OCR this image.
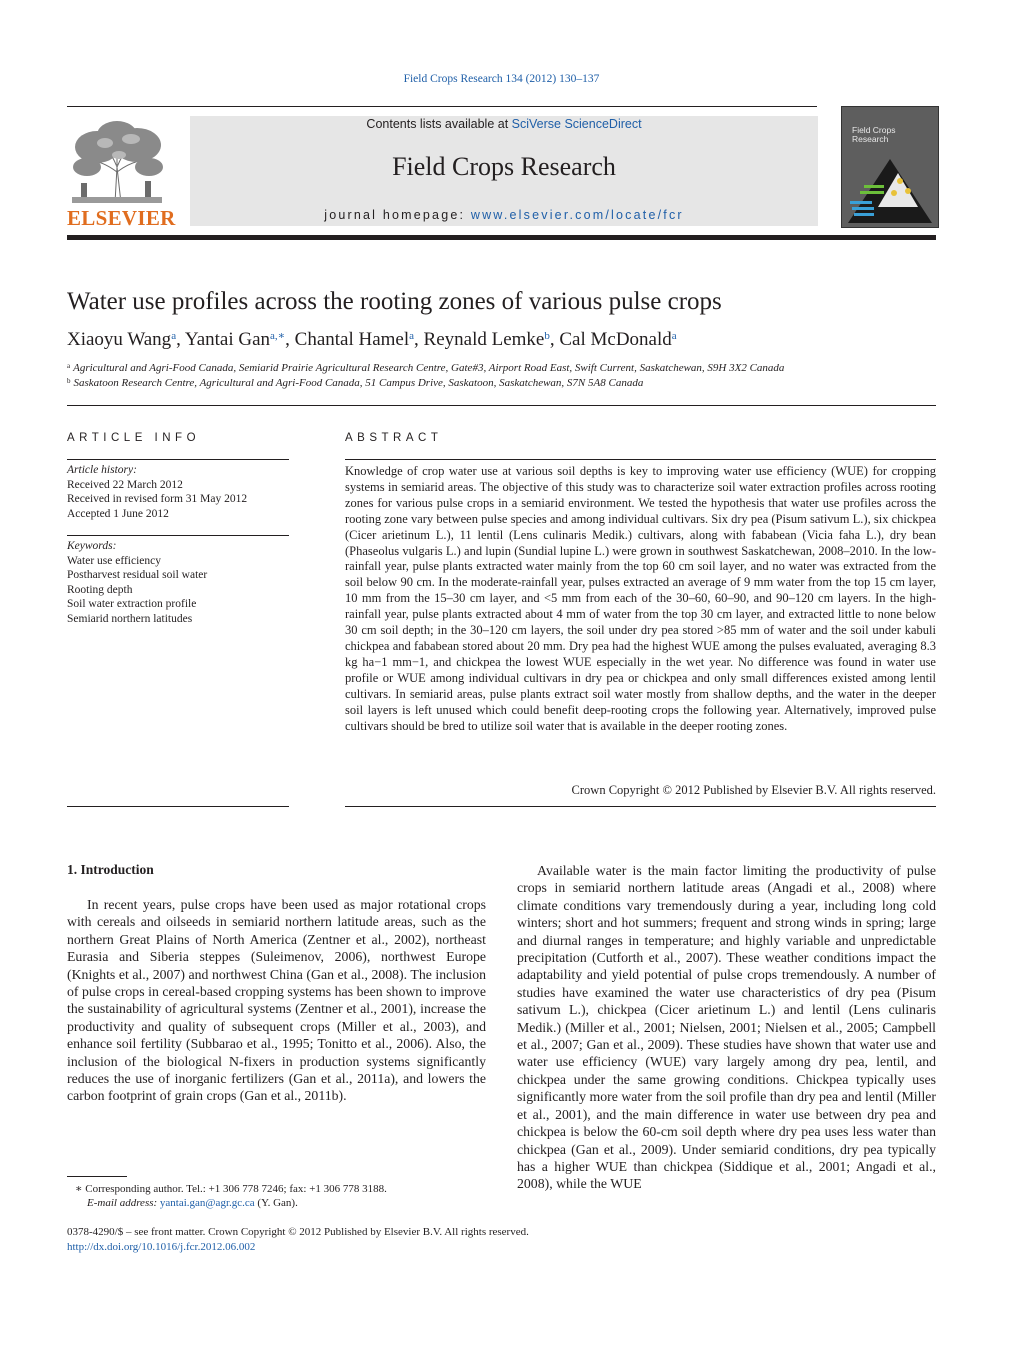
Field Crops Research 134 (2012) 130–137
ELSEVIER
Contents lists available at SciVerse ScienceDirect
Field Crops Research
journal homepage: www.elsevier.com/locate/fcr
Field Crops Research
Water use profiles across the rooting zones of various pulse crops
Xiaoyu Wang$^a$, Yantai Gan$^{a,∗}$, Chantal Hamel$^a$, Reynald Lemke$^b$, Cal McDonald$^a$
$^a$ Agricultural and Agri-Food Canada, Semiarid Prairie Agricultural Research Centre, Gate#3, Airport Road East, Swift Current, Saskatchewan, S9H 3X2 Canada
$^b$ Saskatoon Research Centre, Agricultural and Agri-Food Canada, 51 Campus Drive, Saskatoon, Saskatchewan, S7N 5A8 Canada
ARTICLE INFO
Article history:
Received 22 March 2012
Received in revised form 31 May 2012
Accepted 1 June 2012
Keywords:
Water use efficiency
Postharvest residual soil water
Rooting depth
Soil water extraction profile
Semiarid northern latitudes
ABSTRACT
Knowledge of crop water use at various soil depths is key to improving water use efficiency (WUE) for cropping systems in semiarid areas. The objective of this study was to characterize soil water extraction profiles across rooting zones for various pulse crops in a semiarid environment. We tested the hypothesis that water use profiles across the rooting zone vary between pulse species and among individual cultivars. Six dry pea (Pisum sativum L.), six chickpea (Cicer arietinum L.), 11 lentil (Lens culinaris Medik.) cultivars, along with fababean (Vicia faha L.), dry bean (Phaseolus vulgaris L.) and lupin (Sundial lupine L.) were grown in southwest Saskatchewan, 2008–2010. In the low-rainfall year, pulse plants extracted water mainly from the top 60 cm soil layer, and no water was extracted from the soil below 90 cm. In the moderate-rainfall year, pulses extracted an average of 9 mm water from the top 15 cm layer, 10 mm from the 15–30 cm layer, and <5 mm from each of the 30–60, 60–90, and 90–120 cm layers. In the high-rainfall year, pulse plants extracted about 4 mm of water from the top 30 cm layer, and extracted little to none below 30 cm soil depth; in the 30–120 cm layers, the soil under dry pea stored >85 mm of water and the soil under kabuli chickpea and fababean stored about 20 mm. Dry pea had the highest WUE among the pulses evaluated, averaging 8.3 kg ha−1 mm−1, and chickpea the lowest WUE especially in the wet year. No difference was found in water use profile or WUE among individual cultivars in dry pea or chickpea and only small differences existed among lentil cultivars. In semiarid areas, pulse plants extract soil water mostly from shallow depths, and the water in the deeper soil layers is left unused which could benefit deep-rooting crops the following year. Alternatively, improved pulse cultivars should be bred to utilize soil water that is available in the deeper rooting zones.
Crown Copyright © 2012 Published by Elsevier B.V. All rights reserved.
1. Introduction
In recent years, pulse crops have been used as major rotational crops with cereals and oilseeds in semiarid northern latitude areas, such as the northern Great Plains of North America (Zentner et al., 2002), northeast Eurasia and Siberia steppes (Suleimenov, 2006), northwest Europe (Knights et al., 2007) and northwest China (Gan et al., 2008). The inclusion of pulse crops in cereal-based cropping systems has been shown to improve the sustainability of agricultural systems (Zentner et al., 2001), increase the productivity and quality of subsequent crops (Miller et al., 2003), and enhance soil fertility (Subbarao et al., 1995; Tonitto et al., 2006). Also, the inclusion of the biological N-fixers in production systems significantly reduces the use of inorganic fertilizers (Gan et al., 2011a), and lowers the carbon footprint of grain crops (Gan et al., 2011b).
Available water is the main factor limiting the productivity of pulse crops in semiarid northern latitude areas (Angadi et al., 2008) where climate conditions vary tremendously during a year, including long cold winters; short and hot summers; frequent and strong winds in spring; large and diurnal ranges in temperature; and highly variable and unpredictable precipitation (Cutforth et al., 2007). These weather conditions impact the adaptability and yield potential of pulse crops tremendously. A number of studies have examined the water use characteristics of dry pea (Pisum sativum L.), chickpea (Cicer arietinum L.) and lentil (Lens culinaris Medik.) (Miller et al., 2001; Nielsen, 2001; Nielsen et al., 2005; Campbell et al., 2007; Gan et al., 2009). These studies have shown that water use and water use efficiency (WUE) vary largely among dry pea, lentil, and chickpea under the same growing conditions. Chickpea typically uses significantly more water from the soil profile than dry pea and lentil (Miller et al., 2001), and the main difference in water use between dry pea and chickpea is below the 60-cm soil depth where dry pea uses less water than chickpea (Gan et al., 2009). Under semiarid conditions, dry pea typically has a higher WUE than chickpea (Siddique et al., 2001; Angadi et al., 2008), while the WUE
∗ Corresponding author. Tel.: +1 306 778 7246; fax: +1 306 778 3188.
E-mail address: yantai.gan@agr.gc.ca (Y. Gan).
0378-4290/$ – see front matter. Crown Copyright © 2012 Published by Elsevier B.V. All rights reserved.
http://dx.doi.org/10.1016/j.fcr.2012.06.002
